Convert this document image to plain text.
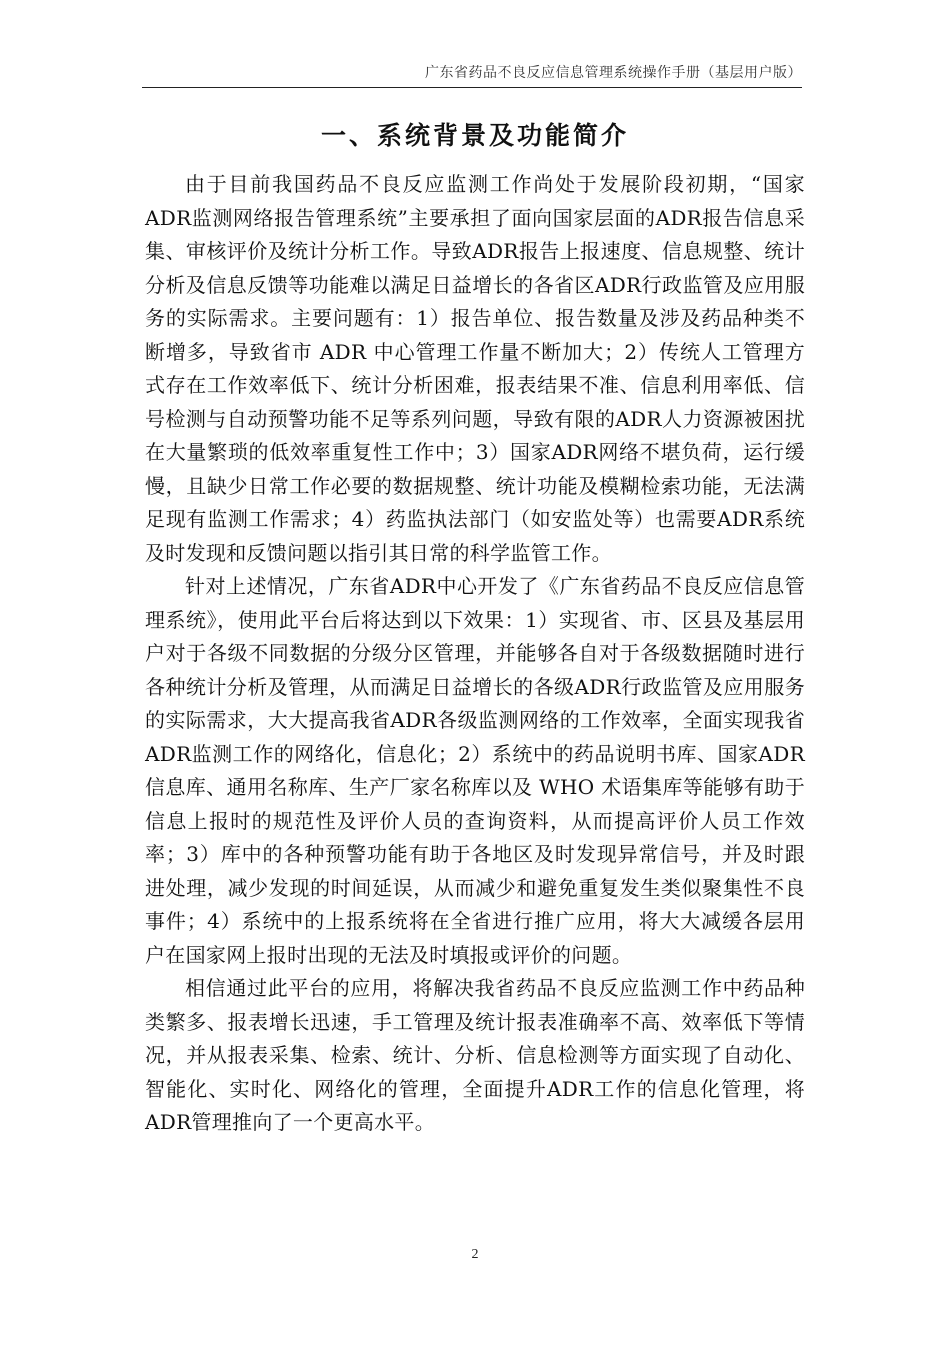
广东省药品不良反应信息管理系统操作手册（基层用户版）
一、系统背景及功能简介

由于目前我国药品不良反应监测工作尚处于发展阶段初期，“国家ADR监测网络报告管理系统”主要承担了面向国家层面的ADR报告信息采集、审核评价及统计分析工作。导致ADR报告上报速度、信息规整、统计分析及信息反馈等功能难以满足日益增长的各省区ADR行政监管及应用服务的实际需求。主要问题有：1）报告单位、报告数量及涉及药品种类不断增多，导致省市 ADR 中心管理工作量不断加大；2）传统人工管理方式存在工作效率低下、统计分析困难，报表结果不准、信息利用率低、信号检测与自动预警功能不足等系列问题，导致有限的ADR人力资源被困扰在大量繁琐的低效率重复性工作中；3）国家ADR网络不堪负荷，运行缓慢，且缺少日常工作必要的数据规整、统计功能及模糊检索功能，无法满足现有监测工作需求；4）药监执法部门（如安监处等）也需要ADR系统及时发现和反馈问题以指引其日常的科学监管工作。

针对上述情况，广东省ADR中心开发了《广东省药品不良反应信息管理系统》，使用此平台后将达到以下效果：1）实现省、市、区县及基层用户对于各级不同数据的分级分区管理，并能够各自对于各级数据随时进行各种统计分析及管理，从而满足日益增长的各级ADR行政监管及应用服务的实际需求，大大提高我省ADR各级监测网络的工作效率，全面实现我省ADR监测工作的网络化，信息化；2）系统中的药品说明书库、国家ADR信息库、通用名称库、生产厂家名称库以及 WHO 术语集库等能够有助于信息上报时的规范性及评价人员的查询资料，从而提高评价人员工作效率；3）库中的各种预警功能有助于各地区及时发现异常信号，并及时跟进处理，减少发现的时间延误，从而减少和避免重复发生类似聚集性不良事件；4）系统中的上报系统将在全省进行推广应用，将大大减缓各层用户在国家网上报时出现的无法及时填报或评价的问题。

相信通过此平台的应用，将解决我省药品不良反应监测工作中药品种类繁多、报表增长迅速，手工管理及统计报表准确率不高、效率低下等情况，并从报表采集、检索、统计、分析、信息检测等方面实现了自动化、智能化、实时化、网络化的管理，全面提升ADR工作的信息化管理，将ADR管理推向了一个更高水平。

2
